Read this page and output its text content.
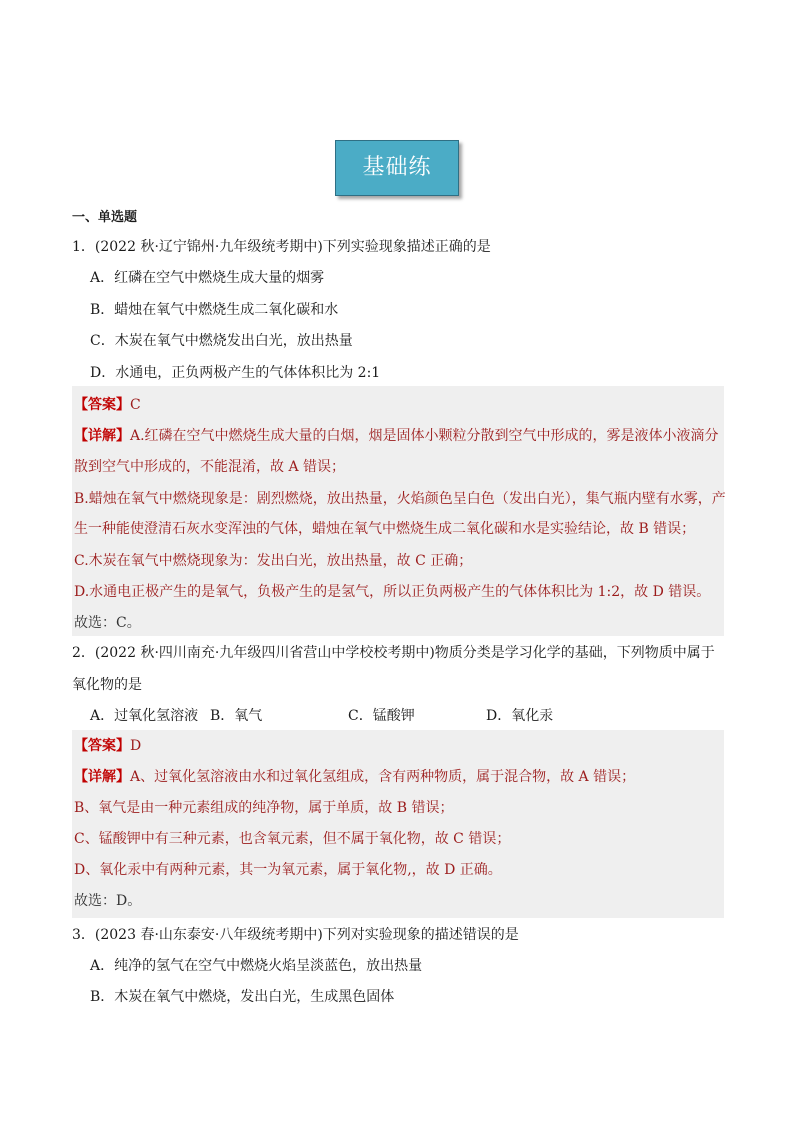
基础练
一、单选题
1．(2022 秋·辽宁锦州·九年级统考期中)下列实验现象描述正确的是
A．红磷在空气中燃烧生成大量的烟雾
B．蜡烛在氧气中燃烧生成二氧化碳和水
C．木炭在氧气中燃烧发出白光，放出热量
D．水通电，正负两极产生的气体体积比为 2:1
【答案】C
【详解】A.红磷在空气中燃烧生成大量的白烟，烟是固体小颗粒分散到空气中形成的，雾是液体小液滴分
散到空气中形成的，不能混淆，故 A 错误；
B.蜡烛在氧气中燃烧现象是：剧烈燃烧，放出热量，火焰颜色呈白色（发出白光），集气瓶内壁有水雾，产
生一种能使澄清石灰水变浑浊的气体，蜡烛在氧气中燃烧生成二氧化碳和水是实验结论，故 B 错误；
C.木炭在氧气中燃烧现象为：发出白光，放出热量，故 C 正确；
D.水通电正极产生的是氧气，负极产生的是氢气，所以正负两极产生的气体体积比为 1:2，故 D 错误。
故选：C。
2．(2022 秋·四川南充·九年级四川省营山中学校校考期中)物质分类是学习化学的基础，下列物质中属于
氧化物的是
A．过氧化氢溶液 B．氧气	C．锰酸钾	D．氧化汞
【答案】D
【详解】A、过氧化氢溶液由水和过氧化氢组成，含有两种物质，属于混合物，故 A 错误；
B、氧气是由一种元素组成的纯净物，属于单质，故 B 错误；
C、锰酸钾中有三种元素，也含氧元素，但不属于氧化物，故 C 错误；
D、氧化汞中有两种元素，其一为氧元素，属于氧化物,，故 D 正确。
故选：D。
3．(2023 春·山东泰安·八年级统考期中)下列对实验现象的描述错误的是
A．纯净的氢气在空气中燃烧火焰呈淡蓝色，放出热量
B．木炭在氧气中燃烧，发出白光，生成黑色固体
